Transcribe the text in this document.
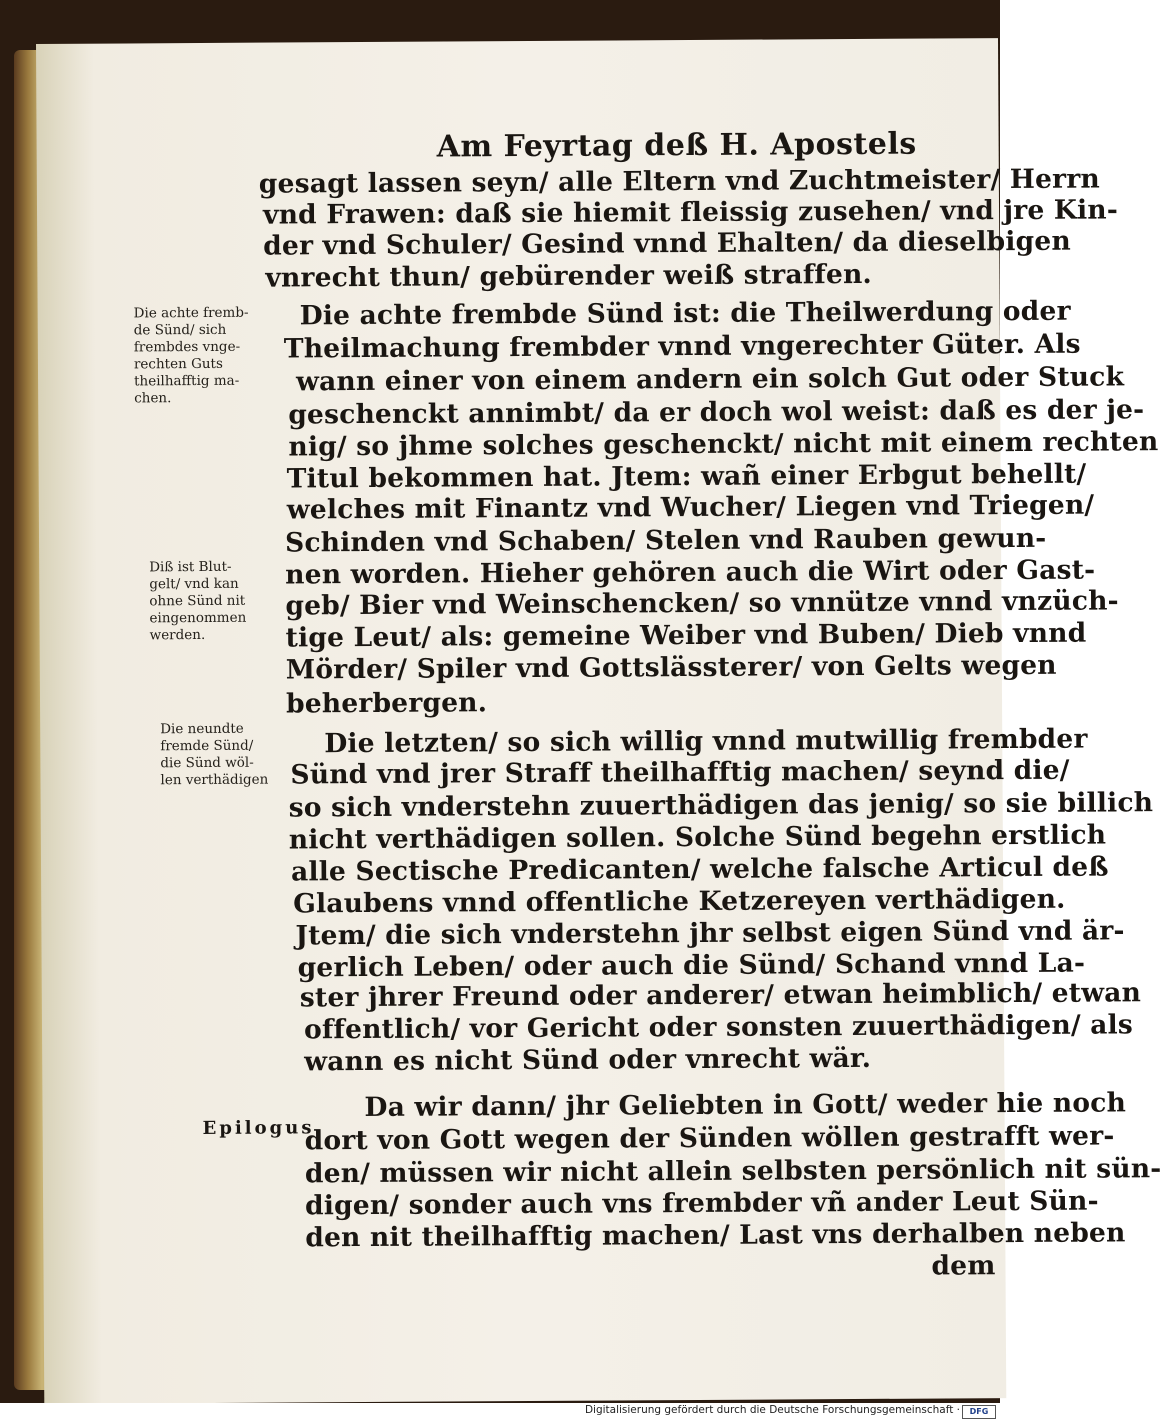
Am Feyrtag deß H. Apostels
gesagt lassen seyn/ alle Eltern vnd Zuchtmeister/ Herrn
vnd Frawen: daß sie hiemit fleissig zusehen/ vnd jre Kin-
der vnd Schuler/ Gesind vnnd Ehalten/ da dieselbigen
vnrecht thun/ gebürender weiß straffen.
Die achte frembde Sünd ist: die Theilwerdung oder
Theilmachung frembder vnnd vngerechter Güter. Als
wann einer von einem andern ein solch Gut oder Stuck
geschenckt annimbt/ da er doch wol weist: daß es der je-
nig/ so jhme solches geschenckt/ nicht mit einem rechten
Titul bekommen hat. Jtem: wañ einer Erbgut behellt/
welches mit Finantz vnd Wucher/ Liegen vnd Triegen/
Schinden vnd Schaben/ Stelen vnd Rauben gewun-
nen worden. Hieher gehören auch die Wirt oder Gast-
geb/ Bier vnd Weinschencken/ so vnnütze vnnd vnzüch-
tige Leut/ als: gemeine Weiber vnd Buben/ Dieb vnnd
Mörder/ Spiler vnd Gottslässterer/ von Gelts wegen
beherbergen.
Die letzten/ so sich willig vnnd mutwillig frembder
Sünd vnd jrer Straff theilhafftig machen/ seynd die/
so sich vnderstehn zuuerthädigen das jenig/ so sie billich
nicht verthädigen sollen. Solche Sünd begehn erstlich
alle Sectische Predicanten/ welche falsche Articul deß
Glaubens vnnd offentliche Ketzereyen verthädigen.
Jtem/ die sich vnderstehn jhr selbst eigen Sünd vnd är-
gerlich Leben/ oder auch die Sünd/ Schand vnnd La-
ster jhrer Freund oder anderer/ etwan heimblich/ etwan
offentlich/ vor Gericht oder sonsten zuuerthädigen/ als
wann es nicht Sünd oder vnrecht wär.
Da wir dann/ jhr Geliebten in Gott/ weder hie noch
dort von Gott wegen der Sünden wöllen gestrafft wer-
den/ müssen wir nicht allein selbsten persönlich nit sün-
digen/ sonder auch vns frembder vñ ander Leut Sün-
den nit theilhafftig machen/ Last vns derhalben neben
dem
Die achte fremb-
de Sünd/ sich
frembdes vnge-
rechten Guts
theilhafftig ma-
chen.
Diß ist Blut-
gelt/ vnd kan
ohne Sünd nit
eingenommen
werden.
Die neundte
fremde Sünd/
die Sünd wöl-
len verthädigen
Epilogus
Digitalisierung gefördert durch die Deutsche Forschungsgemeinschaft ·	DFG
